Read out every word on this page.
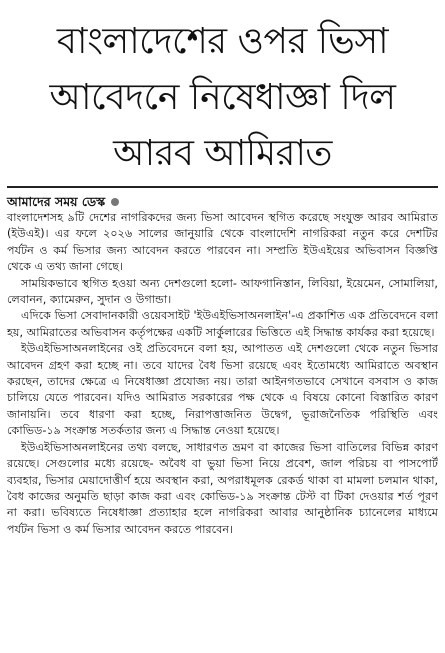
বাংলাদেশের ওপর ভিসা আবেদনে নিষেধাজ্ঞা দিল আরব আমিরাত
আমাদের সময় ডেস্ক

বাংলাদেশসহ ৯টি দেশের নাগরিকদের জন্য ভিসা আবেদন স্থগিত করেছে সংযুক্ত আরব আমিরাত (ইউএই)। এর ফলে ২০২৬ সালের জানুয়ারি থেকে বাংলাদেশি নাগরিকরা নতুন করে দেশটির পর্যটন ও কর্ম ভিসার জন্য আবেদন করতে পারবেন না। সম্প্রতি ইউএইয়ের অভিবাসন বিজ্ঞপ্তি থেকে এ তথ্য জানা গেছে।

সাময়িকভাবে স্থগিত হওয়া অন্য দেশগুলো হলো- আফগানিস্তান, লিবিয়া, ইয়েমেন, সোমালিয়া, লেবানন, ক্যামেরুন, সুদান ও উগান্ডা।

এদিকে ভিসা সেবাদানকারী ওয়েবসাইট 'ইউএইভিসাঅনলাইন'-এ প্রকাশিত এক প্রতিবেদনে বলা হয়, আমিরাতের অভিবাসন কর্তৃপক্ষের একটি সার্কুলারের ভিত্তিতে এই সিদ্ধান্ত কার্যকর করা হয়েছে।

ইউএইভিসাঅনলাইনের ওই প্রতিবেদনে বলা হয়, আপাতত এই দেশগুলো থেকে নতুন ভিসার আবেদন গ্রহণ করা হচ্ছে না। তবে যাদের বৈধ ভিসা রয়েছে এবং ইতোমধ্যে আমিরাতে অবস্থান করছেন, তাদের ক্ষেত্রে এ নিষেধাজ্ঞা প্রযোজ্য নয়। তারা আইনগতভাবে সেখানে বসবাস ও কাজ চালিয়ে যেতে পারবেন। যদিও আমিরাত সরকারের পক্ষ থেকে এ বিষয়ে কোনো বিস্তারিত কারণ জানায়নি। তবে ধারণা করা হচ্ছে, নিরাপত্তাজনিত উদ্বেগ, ভূরাজনৈতিক পরিস্থিতি এবং কোভিড-১৯ সংক্রান্ত সতর্কতার জন্য এ সিদ্ধান্ত নেওয়া হয়েছে।

ইউএইভিসাঅনলাইনের তথ্য বলছে, সাধারণত ভ্রমণ বা কাজের ভিসা বাতিলের বিভিন্ন কারণ রয়েছে। সেগুলোর মধ্যে রয়েছে- অবৈধ বা ভুয়া ভিসা নিয়ে প্রবেশ, জাল পরিচয় বা পাসপোর্ট ব্যবহার, ভিসার মেয়াদোত্তীর্ণ হয়ে অবস্থান করা, অপরাধমূলক রেকর্ড থাকা বা মামলা চলমান থাকা, বৈধ কাজের অনুমতি ছাড়া কাজ করা এবং কোভিড-১৯ সংক্রান্ত টেস্ট বা টিকা দেওয়ার শর্ত পূরণ না করা। ভবিষ্যতে নিষেধাজ্ঞা প্রত্যাহার হলে নাগরিকরা আবার আনুষ্ঠানিক চ্যানেলের মাধ্যমে পর্যটন ভিসা ও কর্ম ভিসার আবেদন করতে পারবেন।
